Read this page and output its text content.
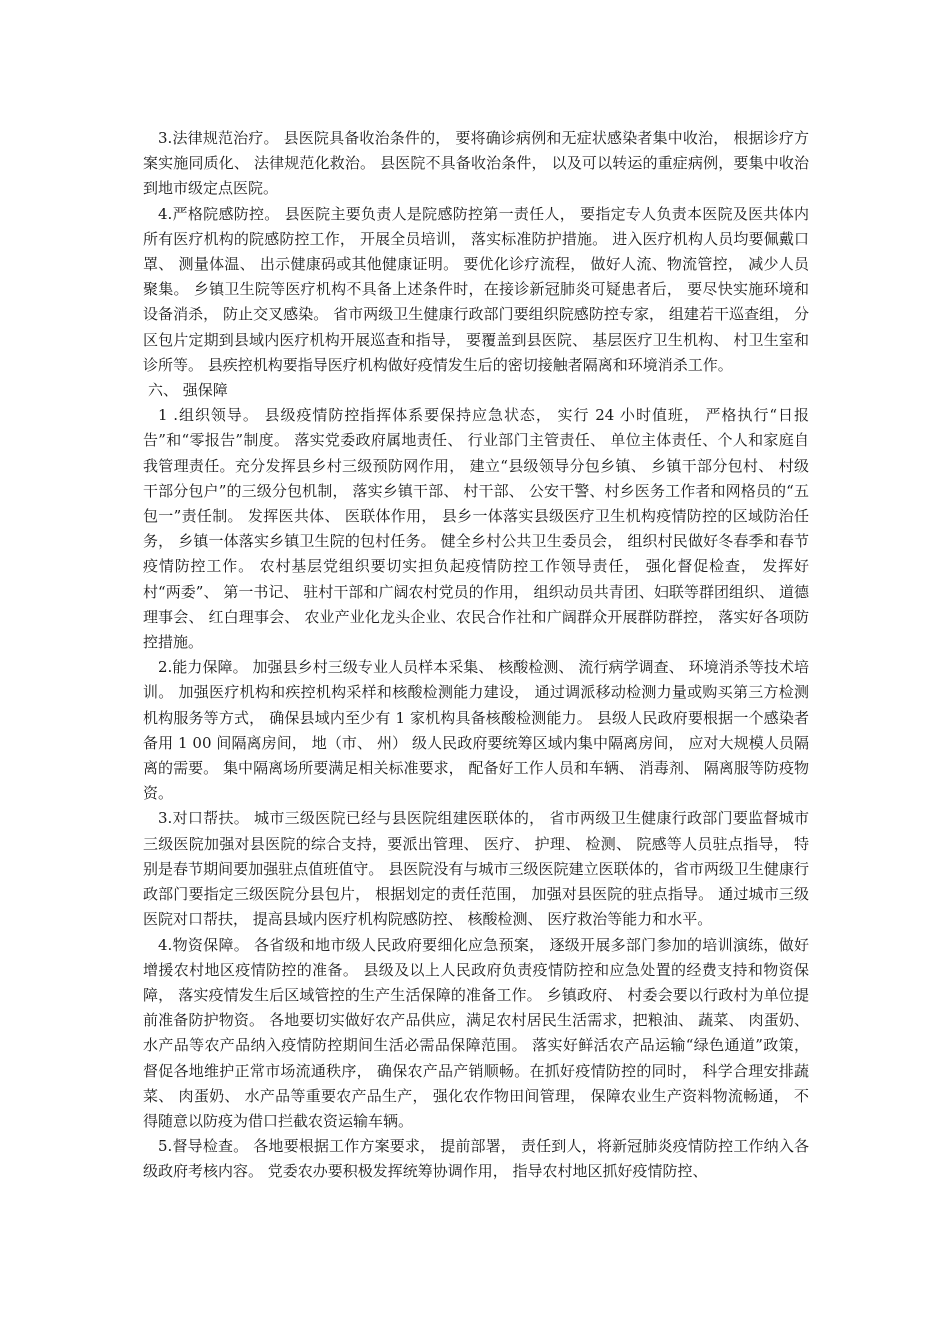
3.法律规范治疗。 县医院具备收治条件的， 要将确诊病例和无症状感染者集中收治， 根据诊疗方案实施同质化、 法律规范化救治。 县医院不具备收治条件， 以及可以转运的重症病例，要集中收治到地市级定点医院。

4.严格院感防控。 县医院主要负责人是院感防控第一责任人， 要指定专人负责本医院及医共体内所有医疗机构的院感防控工作， 开展全员培训， 落实标准防护措施。 进入医疗机构人员均要佩戴口罩、 测量体温、 出示健康码或其他健康证明。 要优化诊疗流程， 做好人流、物流管控， 减少人员聚集。 乡镇卫生院等医疗机构不具备上述条件时，在接诊新冠肺炎可疑患者后， 要尽快实施环境和设备消杀， 防止交叉感染。 省市两级卫生健康行政部门要组织院感防控专家， 组建若干巡查组， 分区包片定期到县域内医疗机构开展巡查和指导， 要覆盖到县医院、 基层医疗卫生机构、 村卫生室和诊所等。 县疾控机构要指导医疗机构做好疫情发生后的密切接触者隔离和环境消杀工作。

六、 强保障

1 .组织领导。 县级疫情防控指挥体系要保持应急状态， 实行 24 小时值班， 严格执行“日报告”和“零报告”制度。 落实党委政府属地责任、 行业部门主管责任、 单位主体责任、个人和家庭自我管理责任。充分发挥县乡村三级预防网作用， 建立“县级领导分包乡镇、 乡镇干部分包村、 村级干部分包户”的三级分包机制， 落实乡镇干部、 村干部、 公安干警、村乡医务工作者和网格员的“五包一”责任制。 发挥医共体、 医联体作用， 县乡一体落实县级医疗卫生机构疫情防控的区域防治任务， 乡镇一体落实乡镇卫生院的包村任务。 健全乡村公共卫生委员会， 组织村民做好冬春季和春节疫情防控工作。 农村基层党组织要切实担负起疫情防控工作领导责任， 强化督促检查， 发挥好村“两委”、 第一书记、 驻村干部和广阔农村党员的作用， 组织动员共青团、妇联等群团组织、 道德理事会、 红白理事会、 农业产业化龙头企业、农民合作社和广阔群众开展群防群控， 落实好各项防控措施。

2.能力保障。 加强县乡村三级专业人员样本采集、 核酸检测、 流行病学调查、 环境消杀等技术培训。 加强医疗机构和疾控机构采样和核酸检测能力建设， 通过调派移动检测力量或购买第三方检测机构服务等方式， 确保县域内至少有 1 家机构具备核酸检测能力。 县级人民政府要根据一个感染者备用 1 00 间隔离房间， 地（市、 州） 级人民政府要统筹区域内集中隔离房间， 应对大规模人员隔离的需要。 集中隔离场所要满足相关标准要求， 配备好工作人员和车辆、 消毒剂、 隔离服等防疫物资。

3.对口帮扶。 城市三级医院已经与县医院组建医联体的， 省市两级卫生健康行政部门要监督城市三级医院加强对县医院的综合支持，要派出管理、 医疗、 护理、 检测、 院感等人员驻点指导， 特别是春节期间要加强驻点值班值守。 县医院没有与城市三级医院建立医联体的，省市两级卫生健康行政部门要指定三级医院分县包片， 根据划定的责任范围， 加强对县医院的驻点指导。 通过城市三级医院对口帮扶， 提高县域内医疗机构院感防控、 核酸检测、 医疗救治等能力和水平。

4.物资保障。 各省级和地市级人民政府要细化应急预案， 逐级开展多部门参加的培训演练，做好增援农村地区疫情防控的准备。 县级及以上人民政府负责疫情防控和应急处置的经费支持和物资保障， 落实疫情发生后区域管控的生产生活保障的准备工作。 乡镇政府、 村委会要以行政村为单位提前准备防护物资。 各地要切实做好农产品供应，满足农村居民生活需求，把粮油、 蔬菜、 肉蛋奶、 水产品等农产品纳入疫情防控期间生活必需品保障范围。 落实好鲜活农产品运输“绿色通道”政策， 督促各地维护正常市场流通秩序， 确保农产品产销顺畅。在抓好疫情防控的同时， 科学合理安排蔬菜、 肉蛋奶、 水产品等重要农产品生产， 强化农作物田间管理， 保障农业生产资料物流畅通， 不得随意以防疫为借口拦截农资运输车辆。

5.督导检查。 各地要根据工作方案要求， 提前部署， 责任到人，将新冠肺炎疫情防控工作纳入各级政府考核内容。 党委农办要积极发挥统筹协调作用， 指导农村地区抓好疫情防控、
